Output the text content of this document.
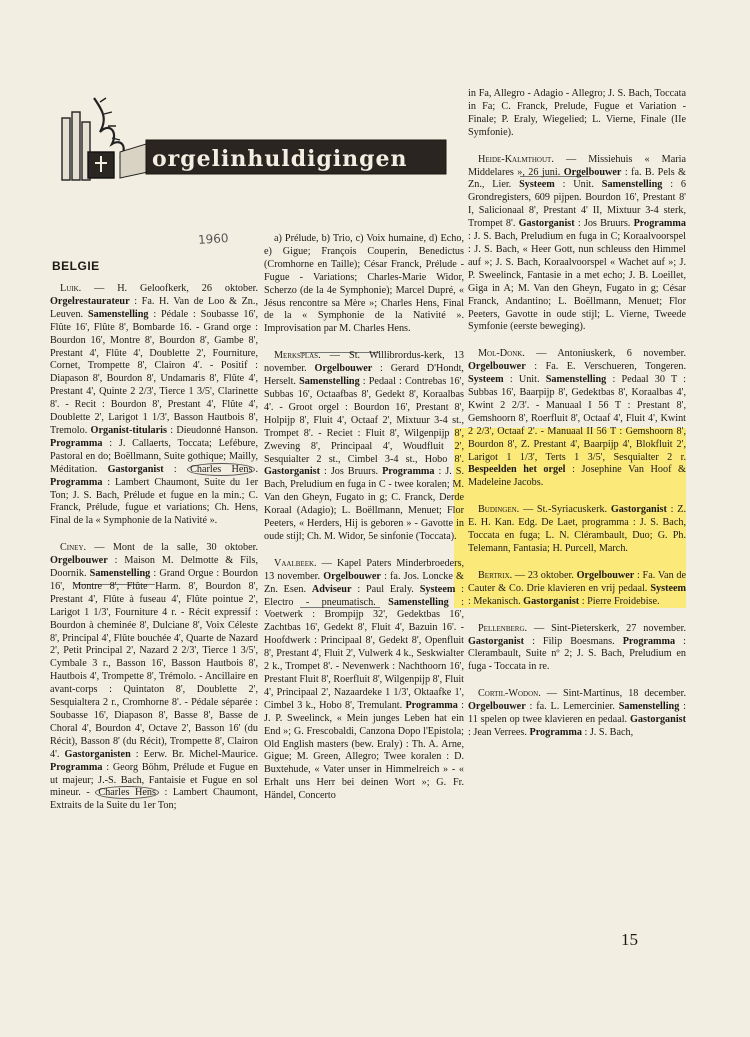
orgelinhuldigingen
BELGIE
1960

Luik. — H. Geloofkerk, 26 oktober. Orgelrestaurateur : Fa. H. Van de Loo & Zn., Leuven. Samenstelling : Pédale : Soubasse 16', Flûte 16', Flûte 8', Bombarde 16. - Grand orge : Bourdon 16', Montre 8', Bourdon 8', Gambe 8', Prestant 4', Flûte 4', Doublette 2', Fourniture, Cornet, Trompette 8', Clairon 4'. - Positif : Diapason 8', Bourdon 8', Undamaris 8', Flûte 4', Prestant 4', Quinte 2 2/3', Tierce 1 3/5', Clarinette 8'. - Recit : Bourdon 8', Prestant 4', Flûte 4', Doublette 2', Larigot 1 1/3', Basson Hautbois 8', Tremolo. Organist-titularis : Dieudonné Hanson. Programma : J. Callaerts, Toccata; Lefébure, Pastoral en do; Boëllmann, Suite gothique; Mailly, Méditation. Gastorganist : Charles Hens . Programma : Lambert Chaumont, Suite du 1er Ton; J. S. Bach, Prélude et fugue en la min.; C. Franck, Prélude, fugue et variations; Ch. Hens, Final de la « Symphonie de la Nativité ».

Ciney. — Mont de la salle, 30 oktober. Orgelbouwer : Maison M. Delmotte & Fils, Doornik. Samenstelling : Grand Orgue : Bourdon 16', Montre 8', Flûte Harm. 8', Bourdon 8', Prestant 4', Flûte à fuseau 4', Flûte pointue 2', Larigot 1 1/3', Fourniture 4 r. - Récit expressif : Bourdon à cheminée 8', Dulciane 8', Voix Céleste 8', Principal 4', Flûte bouchée 4', Quarte de Nazard 2', Petit Principal 2', Nazard 2 2/3', Tierce 1 3/5', Cymbale 3 r., Basson 16', Basson Hautbois 8', Hautbois 4', Trompette 8', Trémolo. - Ancillaire en avant-corps : Quintaton 8', Doublette 2', Sesquialtera 2 r., Cromhorne 8'. - Pédale séparée : Soubasse 16', Diapason 8', Basse 8', Basse de Choral 4', Bourdon 4', Octave 2', Basson 16' (du Récit), Basson 8' (du Récit), Trompette 8', Clairon 4'. Gastorganisten : Eerw. Br. Michel-Maurice. Programma : Georg Böhm, Prélude et Fugue en ut majeur; J.-S. Bach, Fantaisie et Fugue en sol mineur. - Charles Hens : Lambert Chaumont, Extraits de la Suite du 1er Ton;

a) Prélude, b) Trio, c) Voix humaine, d) Echo, e) Gigue; François Couperin, Benedictus (Cromhorne en Taille); César Franck, Prélude - Fugue - Variations; Charles-Marie Widor, Scherzo (de la 4e Symphonie); Marcel Dupré, « Jésus rencontre sa Mère »; Charles Hens, Final de la « Symphonie de la Nativité ». Improvisation par M. Charles Hens.

Merksplas. — St. Willibrordus-kerk, 13 november. Orgelbouwer : Gerard D'Hondt, Herselt. Samenstelling : Pedaal : Contrebas 16', Subbas 16', Octaafbas 8', Gedekt 8', Koraalbas 4'. - Groot orgel : Bourdon 16', Prestant 8', Holpijp 8', Fluit 4', Octaaf 2', Mixtuur 3-4 st., Trompet 8'. - Reciet : Fluit 8', Wilgenpijp 8', Zweving 8', Principaal 4', Woudfluit 2', Sesquialter 2 st., Cimbel 3-4 st., Hobo 8'. Gastorganist : Jos Bruurs. Programma : J. S. Bach, Preludium en fuga in C - twee koralen; M. Van den Gheyn, Fugato in g; C. Franck, Derde Koraal (Adagio); L. Boëllmann, Menuet; Flor Peeters, « Herders, Hij is geboren » - Gavotte in oude stijl; Ch. M. Widor, 5e sinfonie (Toccata).

Vaalbeek. — Kapel Paters Minderbroeders, 13 november. Orgelbouwer : fa. Jos. Loncke & Zn. Esen. Adviseur : Paul Eraly. Systeem : Electro - pneumatisch. Samenstelling : Voetwerk : Brompijp 32', Gedektbas 16', Zachtbas 16', Gedekt 8', Fluit 4', Bazuin 16'. - Hoofdwerk : Principaal 8', Gedekt 8', Openfluit 8', Prestant 4', Fluit 2', Vulwerk 4 k., Seskwialter 2 k., Trompet 8'. - Nevenwerk : Nachthoorn 16', Prestant Fluit 8', Roerfluit 8', Wilgenpijp 8', Fluit 4', Principaal 2', Nazaardeke 1 1/3', Oktaafke 1', Cimbel 3 k., Hobo 8', Tremulant. Programma : J. P. Sweelinck, « Mein junges Leben hat ein End »; G. Frescobaldi, Canzona Dopo l'Epistola; Old English masters (bew. Eraly) : Th. A. Arne, Gigue; M. Green, Allegro; Twee koralen : D. Buxtehude, « Vater unser in Himmelreich » - « Erhalt uns Herr bei deinen Wort »; G. Fr. Händel, Concerto

in Fa, Allegro - Adagio - Allegro; J. S. Bach, Toccata in Fa; C. Franck, Prelude, Fugue et Variation - Finale; P. Eraly, Wiegelied; L. Vierne, Finale (IIe Symfonie).

Heide-Kalmthout. — Missiehuis « Maria Middelares », 26 juni. Orgelbouwer : fa. B. Pels & Zn., Lier. Systeem : Unit. Samenstelling : 6 Grondregisters, 609 pijpen. Bourdon 16', Prestant 8' I, Salicionaal 8', Prestant 4' II, Mixtuur 3-4 sterk, Trompet 8'. Gastorganist : Jos Bruurs. Programma : J. S. Bach, Preludium en fuga in C; Koraalvoorspel : J. S. Bach, « Heer Gott, nun schleuss den Himmel auf »; J. S. Bach, Koraalvoorspel « Wachet auf »; J. P. Sweelinck, Fantasie in a met echo; J. B. Loeillet, Giga in A; M. Van den Gheyn, Fugato in g; César Franck, Andantino; L. Boëllmann, Menuet; Flor Peeters, Gavotte in oude stijl; L. Vierne, Tweede Symfonie (eerste beweging).

Mol-Donk. — Antoniuskerk, 6 november. Orgelbouwer : Fa. E. Verschueren, Tongeren. Systeem : Unit. Samenstelling : Pedaal 30 T : Subbas 16', Baarpijp 8', Gedektbas 8', Koraalbas 4', Kwint 2 2/3'. - Manuaal I 56 T : Prestant 8', Gemshoorn 8', Roerfluit 8', Octaaf 4', Fluit 4', Kwint 2 2/3', Octaaf 2'. - Manuaal II 56 T : Gemshoorn 8', Bourdon 8', Z. Prestant 4', Baarpijp 4', Blokfluit 2', Larigot 1 1/3', Terts 1 3/5', Sesquialter 2 r. Bespeelden het orgel : Josephine Van Hoof & Madeleine Jacobs.

Budingen. — St.-Syriacuskerk. Gastorganist : Z. E. H. Kan. Edg. De Laet, programma : J. S. Bach, Toccata en fuga; L. N. Clérambault, Duo; G. Ph. Telemann, Fantasia; H. Purcell, March.

Bertrix. — 23 oktober. Orgelbouwer : Fa. Van de Cauter & Co. Drie klavieren en vrij pedaal. Systeem : Mekanisch. Gastorganist : Pierre Froidebise.

Pellenberg. — Sint-Pieterskerk, 27 november. Gastorganist : Filip Boesmans. Programma : Clerambault, Suite nº 2; J. S. Bach, Preludium en fuga - Toccata in re.

Cortil-Wodon. — Sint-Martinus, 18 december. Orgelbouwer : fa. L. Lemercinier. Samenstelling : 11 spelen op twee klavieren en pedaal. Gastorganist : Jean Verrees. Programma : J. S. Bach,

15
